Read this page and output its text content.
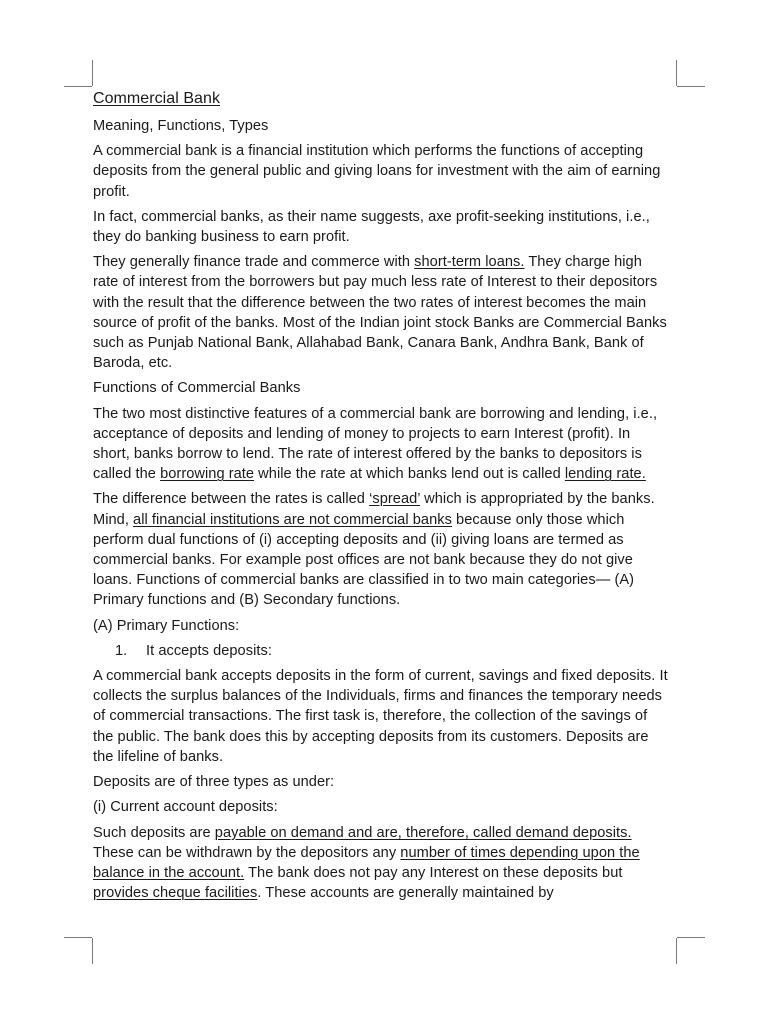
Commercial Bank

Meaning, Functions, Types

A commercial bank is a financial institution which performs the functions of accepting deposits from the general public and giving loans for investment with the aim of earning profit.

In fact, commercial banks, as their name suggests, axe profit-seeking institutions, i.e., they do banking business to earn profit.

They generally finance trade and commerce with short-term loans. They charge high rate of interest from the borrowers but pay much less rate of Interest to their depositors with the result that the difference between the two rates of interest becomes the main source of profit of the banks. Most of the Indian joint stock Banks are Commercial Banks such as Punjab National Bank, Allahabad Bank, Canara Bank, Andhra Bank, Bank of Baroda, etc.

Functions of Commercial Banks

The two most distinctive features of a commercial bank are borrowing and lending, i.e., acceptance of deposits and lending of money to projects to earn Interest (profit). In short, banks borrow to lend. The rate of interest offered by the banks to depositors is called the borrowing rate while the rate at which banks lend out is called lending rate.

The difference between the rates is called ‘spread’ which is appropriated by the banks. Mind, all financial institutions are not commercial banks because only those which perform dual functions of (i) accepting deposits and (ii) giving loans are termed as commercial banks. For example post offices are not bank because they do not give loans. Functions of commercial banks are classified in to two main categories— (A) Primary functions and (B) Secondary functions.

(A) Primary Functions:

1. It accepts deposits:

A commercial bank accepts deposits in the form of current, savings and fixed deposits. It collects the surplus balances of the Individuals, firms and finances the temporary needs of commercial transactions. The first task is, therefore, the collection of the savings of the public. The bank does this by accepting deposits from its customers. Deposits are the lifeline of banks.

Deposits are of three types as under:

(i) Current account deposits:

Such deposits are payable on demand and are, therefore, called demand deposits. These can be withdrawn by the depositors any number of times depending upon the balance in the account. The bank does not pay any Interest on these deposits but provides cheque facilities. These accounts are generally maintained by
